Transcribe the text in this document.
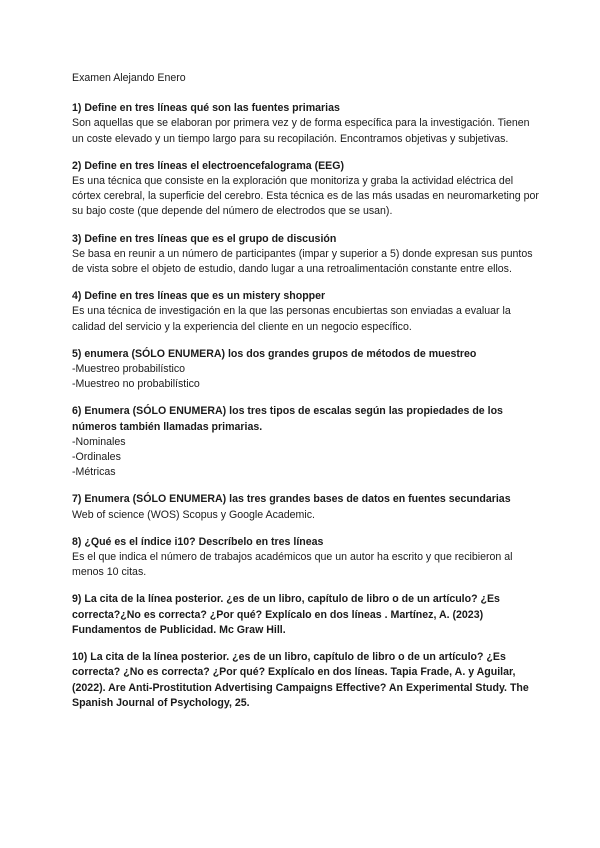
Examen Alejando Enero

1) Define en tres líneas qué son las fuentes primarias

Son aquellas que se elaboran por primera vez y de forma específica para la investigación. Tienen un coste elevado y un tiempo largo para su recopilación. Encontramos objetivas y subjetivas.

2) Define en tres líneas el electroencefalograma (EEG)

Es una técnica que consiste en la exploración que monitoriza y graba la actividad eléctrica del córtex cerebral, la superficie del cerebro. Esta técnica es de las más usadas en neuromarketing por su bajo coste (que depende del número de electrodos que se usan).

3) Define en tres líneas que es el grupo de discusión

Se basa en reunir a un número de participantes (impar y superior a 5) donde expresan sus puntos de vista sobre el objeto de estudio, dando lugar a una retroalimentación constante entre ellos.

4) Define en tres líneas que es un mistery shopper

Es una técnica de investigación en la que las personas encubiertas son enviadas a evaluar la calidad del servicio y la experiencia del cliente en un negocio específico.

5) enumera (SÓLO ENUMERA) los dos grandes grupos de métodos de muestreo

-Muestreo probabilístico
-Muestreo no probabilístico

6) Enumera (SÓLO ENUMERA) los tres tipos de escalas según las propiedades de los números también llamadas primarias.

-Nominales
-Ordinales
-Métricas

7) Enumera (SÓLO ENUMERA) las tres grandes bases de datos en fuentes secundarias

Web of science (WOS) Scopus y Google Academic.

8) ¿Qué es el índice i10? Descríbelo en tres líneas

Es el que indica el número de trabajos académicos que un autor ha escrito y que recibieron al menos 10 citas.

9) La cita de la línea posterior. ¿es de un libro, capítulo de libro o de un artículo? ¿Es correcta?¿No es correcta? ¿Por qué? Explícalo en dos líneas . Martínez, A. (2023) Fundamentos de Publicidad. Mc Graw Hill.

10) La cita de la línea posterior. ¿es de un libro, capítulo de libro o de un artículo? ¿Es correcta? ¿No es correcta? ¿Por qué? Explícalo en dos líneas. Tapia Frade, A. y Aguilar, (2022). Are Anti-Prostitution Advertising Campaigns Effective? An Experimental Study. The Spanish Journal of Psychology, 25.
